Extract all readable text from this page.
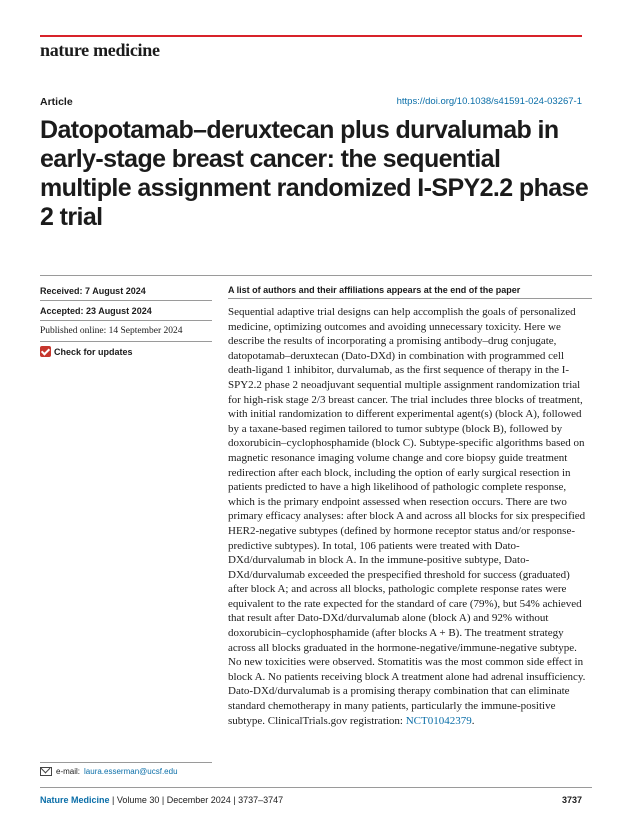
nature medicine
Article	https://doi.org/10.1038/s41591-024-03267-1
Datopotamab–deruxtecan plus durvalumab in early-stage breast cancer: the sequential multiple assignment randomized I-SPY2.2 phase 2 trial
Received: 7 August 2024
Accepted: 23 August 2024
Published online: 14 September 2024
Check for updates
A list of authors and their affiliations appears at the end of the paper

Sequential adaptive trial designs can help accomplish the goals of personalized medicine, optimizing outcomes and avoiding unnecessary toxicity. Here we describe the results of incorporating a promising antibody–drug conjugate, datopotamab–deruxtecan (Dato-DXd) in combination with programmed cell death-ligand 1 inhibitor, durvalumab, as the first sequence of therapy in the I-SPY2.2 phase 2 neoadjuvant sequential multiple assignment randomization trial for high-risk stage 2/3 breast cancer. The trial includes three blocks of treatment, with initial randomization to different experimental agent(s) (block A), followed by a taxane-based regimen tailored to tumor subtype (block B), followed by doxorubicin–cyclophosphamide (block C). Subtype-specific algorithms based on magnetic resonance imaging volume change and core biopsy guide treatment redirection after each block, including the option of early surgical resection in patients predicted to have a high likelihood of pathologic complete response, which is the primary endpoint assessed when resection occurs. There are two primary efficacy analyses: after block A and across all blocks for six prespecified HER2-negative subtypes (defined by hormone receptor status and/or response-predictive subtypes). In total, 106 patients were treated with Dato-DXd/durvalumab in block A. In the immune-positive subtype, Dato-DXd/durvalumab exceeded the prespecified threshold for success (graduated) after block A; and across all blocks, pathologic complete response rates were equivalent to the rate expected for the standard of care (79%), but 54% achieved that result after Dato-DXd/durvalumab alone (block A) and 92% without doxorubicin–cyclophosphamide (after blocks A + B). The treatment strategy across all blocks graduated in the hormone-negative/immune-negative subtype. No new toxicities were observed. Stomatitis was the most common side effect in block A. No patients receiving block A treatment alone had adrenal insufficiency. Dato-DXd/durvalumab is a promising therapy combination that can eliminate standard chemotherapy in many patients, particularly the immune-positive subtype. ClinicalTrials.gov registration: NCT01042379.

e-mail: laura.esserman@ucsf.edu
Nature Medicine | Volume 30 | December 2024 | 3737–3747	3737
